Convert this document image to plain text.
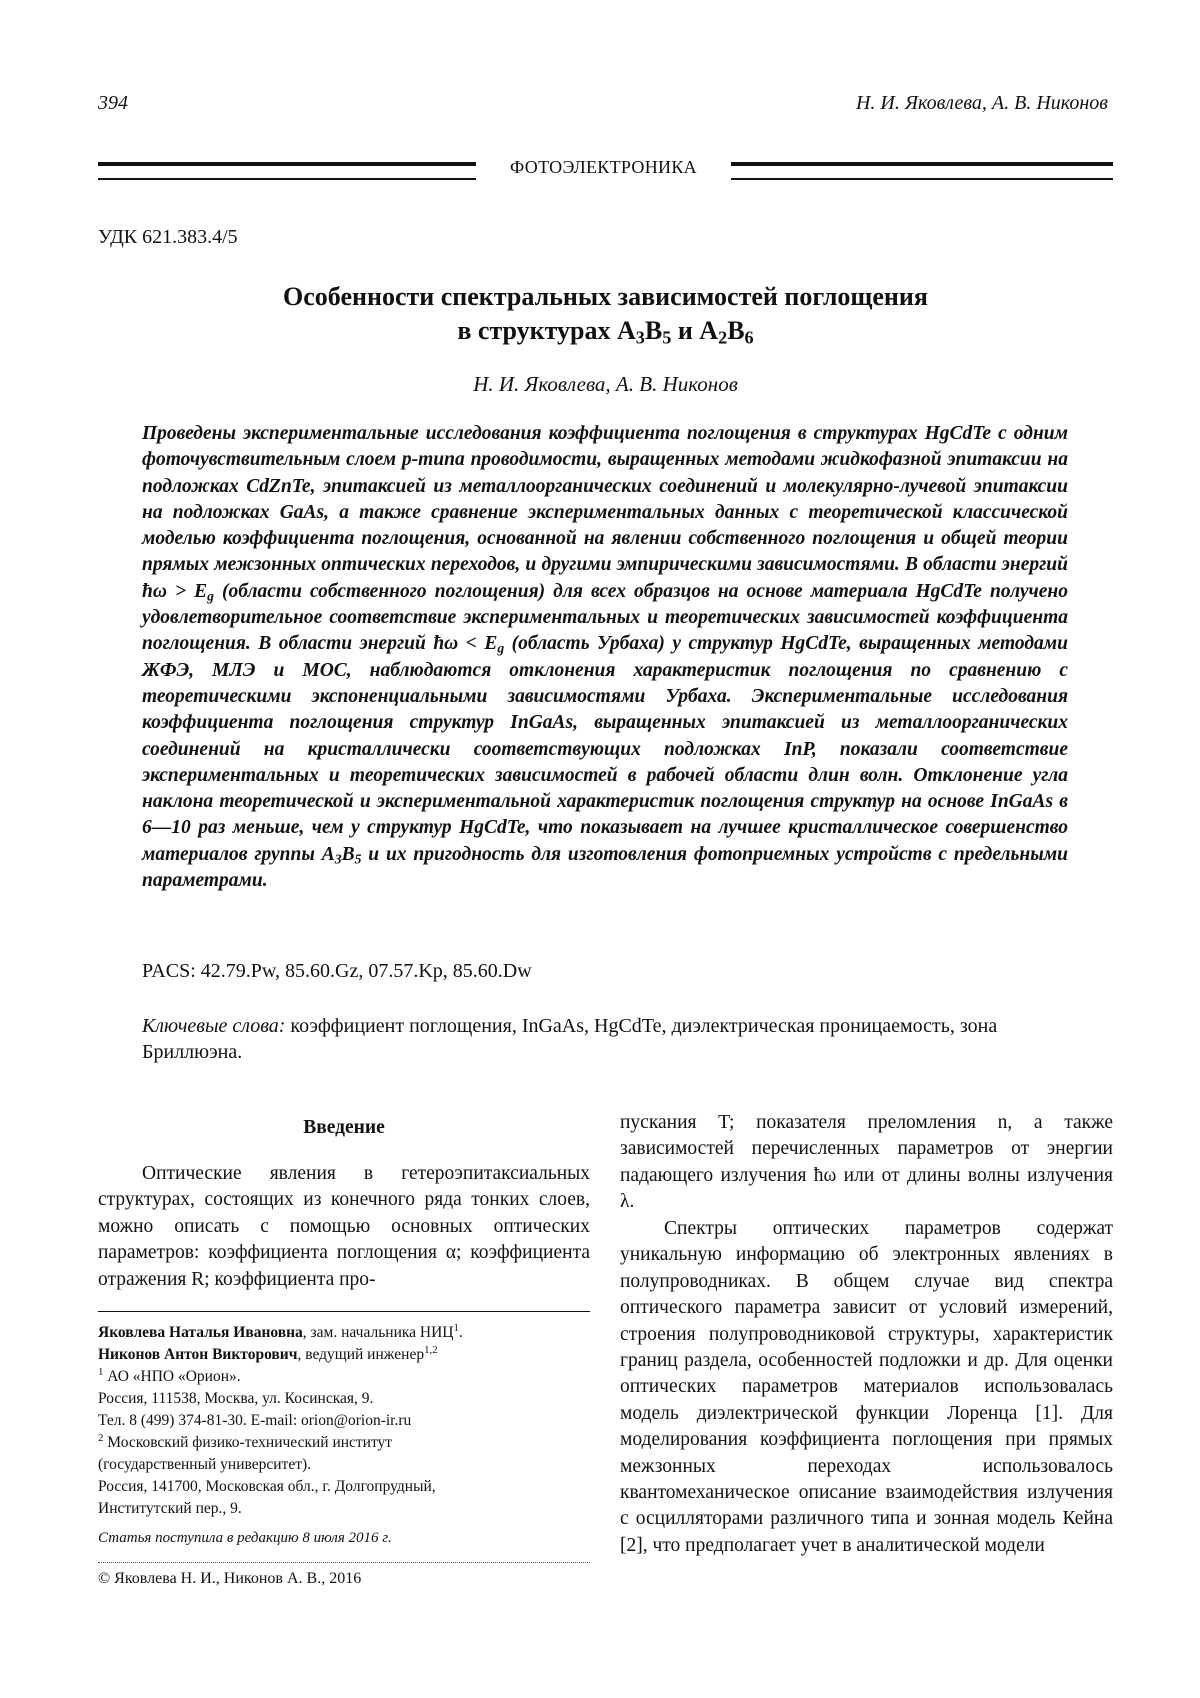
394	Н. И. Яковлева, А. В. Никонов
ФОТОЭЛЕКТРОНИКА
УДК 621.383.4/5
Особенности спектральных зависимостей поглощения
в структурах $A_3B_5$ и $A_2B_6$
Н. И. Яковлева, А. В. Никонов
Проведены экспериментальные исследования коэффициента поглощения в структурах HgCdTe с одним фоточувствительным слоем p-типа проводимости, выращенных методами жидкофазной эпитаксии на подложках CdZnTe, эпитаксией из металлоорганических соединений и молекулярно-лучевой эпитаксии на подложках GaAs, а также сравнение экспериментальных данных с теоретической классической моделью коэффициента поглощения, основанной на явлении собственного поглощения и общей теории прямых межзонных оптических переходов, и другими эмпирическими зависимостями. В области энергий ħω > $E_g$ (области собственного поглощения) для всех образцов на основе материала HgCdTe получено удовлетворительное соответствие экспериментальных и теоретических зависимостей коэффициента поглощения. В области энергий ħω < $E_g$ (область Урбаха) у структур HgCdTe, выращенных методами ЖФЭ, МЛЭ и МОС, наблюдаются отклонения характеристик поглощения по сравнению с теоретическими экспоненциальными зависимостями Урбаха. Экспериментальные исследования коэффициента поглощения структур InGaAs, выращенных эпитаксией из металлоорганических соединений на кристаллически соответствующих подложках InP, показали соответствие экспериментальных и теоретических зависимостей в рабочей области длин волн. Отклонение угла наклона теоретической и экспериментальной характеристик поглощения структур на основе InGaAs в 6—10 раз меньше, чем у структур HgCdTe, что показывает на лучшее кристаллическое совершенство материалов группы $A_3B_5$ и их пригодность для изготовления фотоприемных устройств с предельными параметрами.
PACS: 42.79.Pw, 85.60.Gz, 07.57.Kp, 85.60.Dw
Ключевые слова: коэффициент поглощения, InGaAs, HgCdTe, диэлектрическая проницаемость, зона Бриллюэна.
Введение

Оптические явления в гетероэпитаксиальных структурах, состоящих из конечного ряда тонких слоев, можно описать с помощью основных оптических параметров: коэффициента поглощения α; коэффициента отражения R; коэффициента про-

Яковлева Наталья Ивановна, зам. начальника НИЦ$^1$.
Никонов Антон Викторович, ведущий инженер$^{1,2}$
$^1$ АО «НПО «Орион».
Россия, 111538, Москва, ул. Косинская, 9.
Тел. 8 (499) 374-81-30. E-mail: orion@orion-ir.ru
$^2$ Московский физико-технический институт
(государственный университет).
Россия, 141700, Московская обл., г. Долгопрудный,
Институтский пер., 9.
Статья поступила в редакцию 8 июля 2016 г.
© Яковлева Н. И., Никонов А. В., 2016

пускания T; показателя преломления n, а также зависимостей перечисленных параметров от энергии падающего излучения ħω или от длины волны излучения λ.

Спектры оптических параметров содержат уникальную информацию об электронных явлениях в полупроводниках. В общем случае вид спектра оптического параметра зависит от условий измерений, строения полупроводниковой структуры, характеристик границ раздела, особенностей подложки и др. Для оценки оптических параметров материалов использовалась модель диэлектрической функции Лоренца [1]. Для моделирования коэффициента поглощения при прямых межзонных переходах использовалось квантомеханическое описание взаимодействия излучения с осцилляторами различного типа и зонная модель Кейна [2], что предполагает учет в аналитической модели
